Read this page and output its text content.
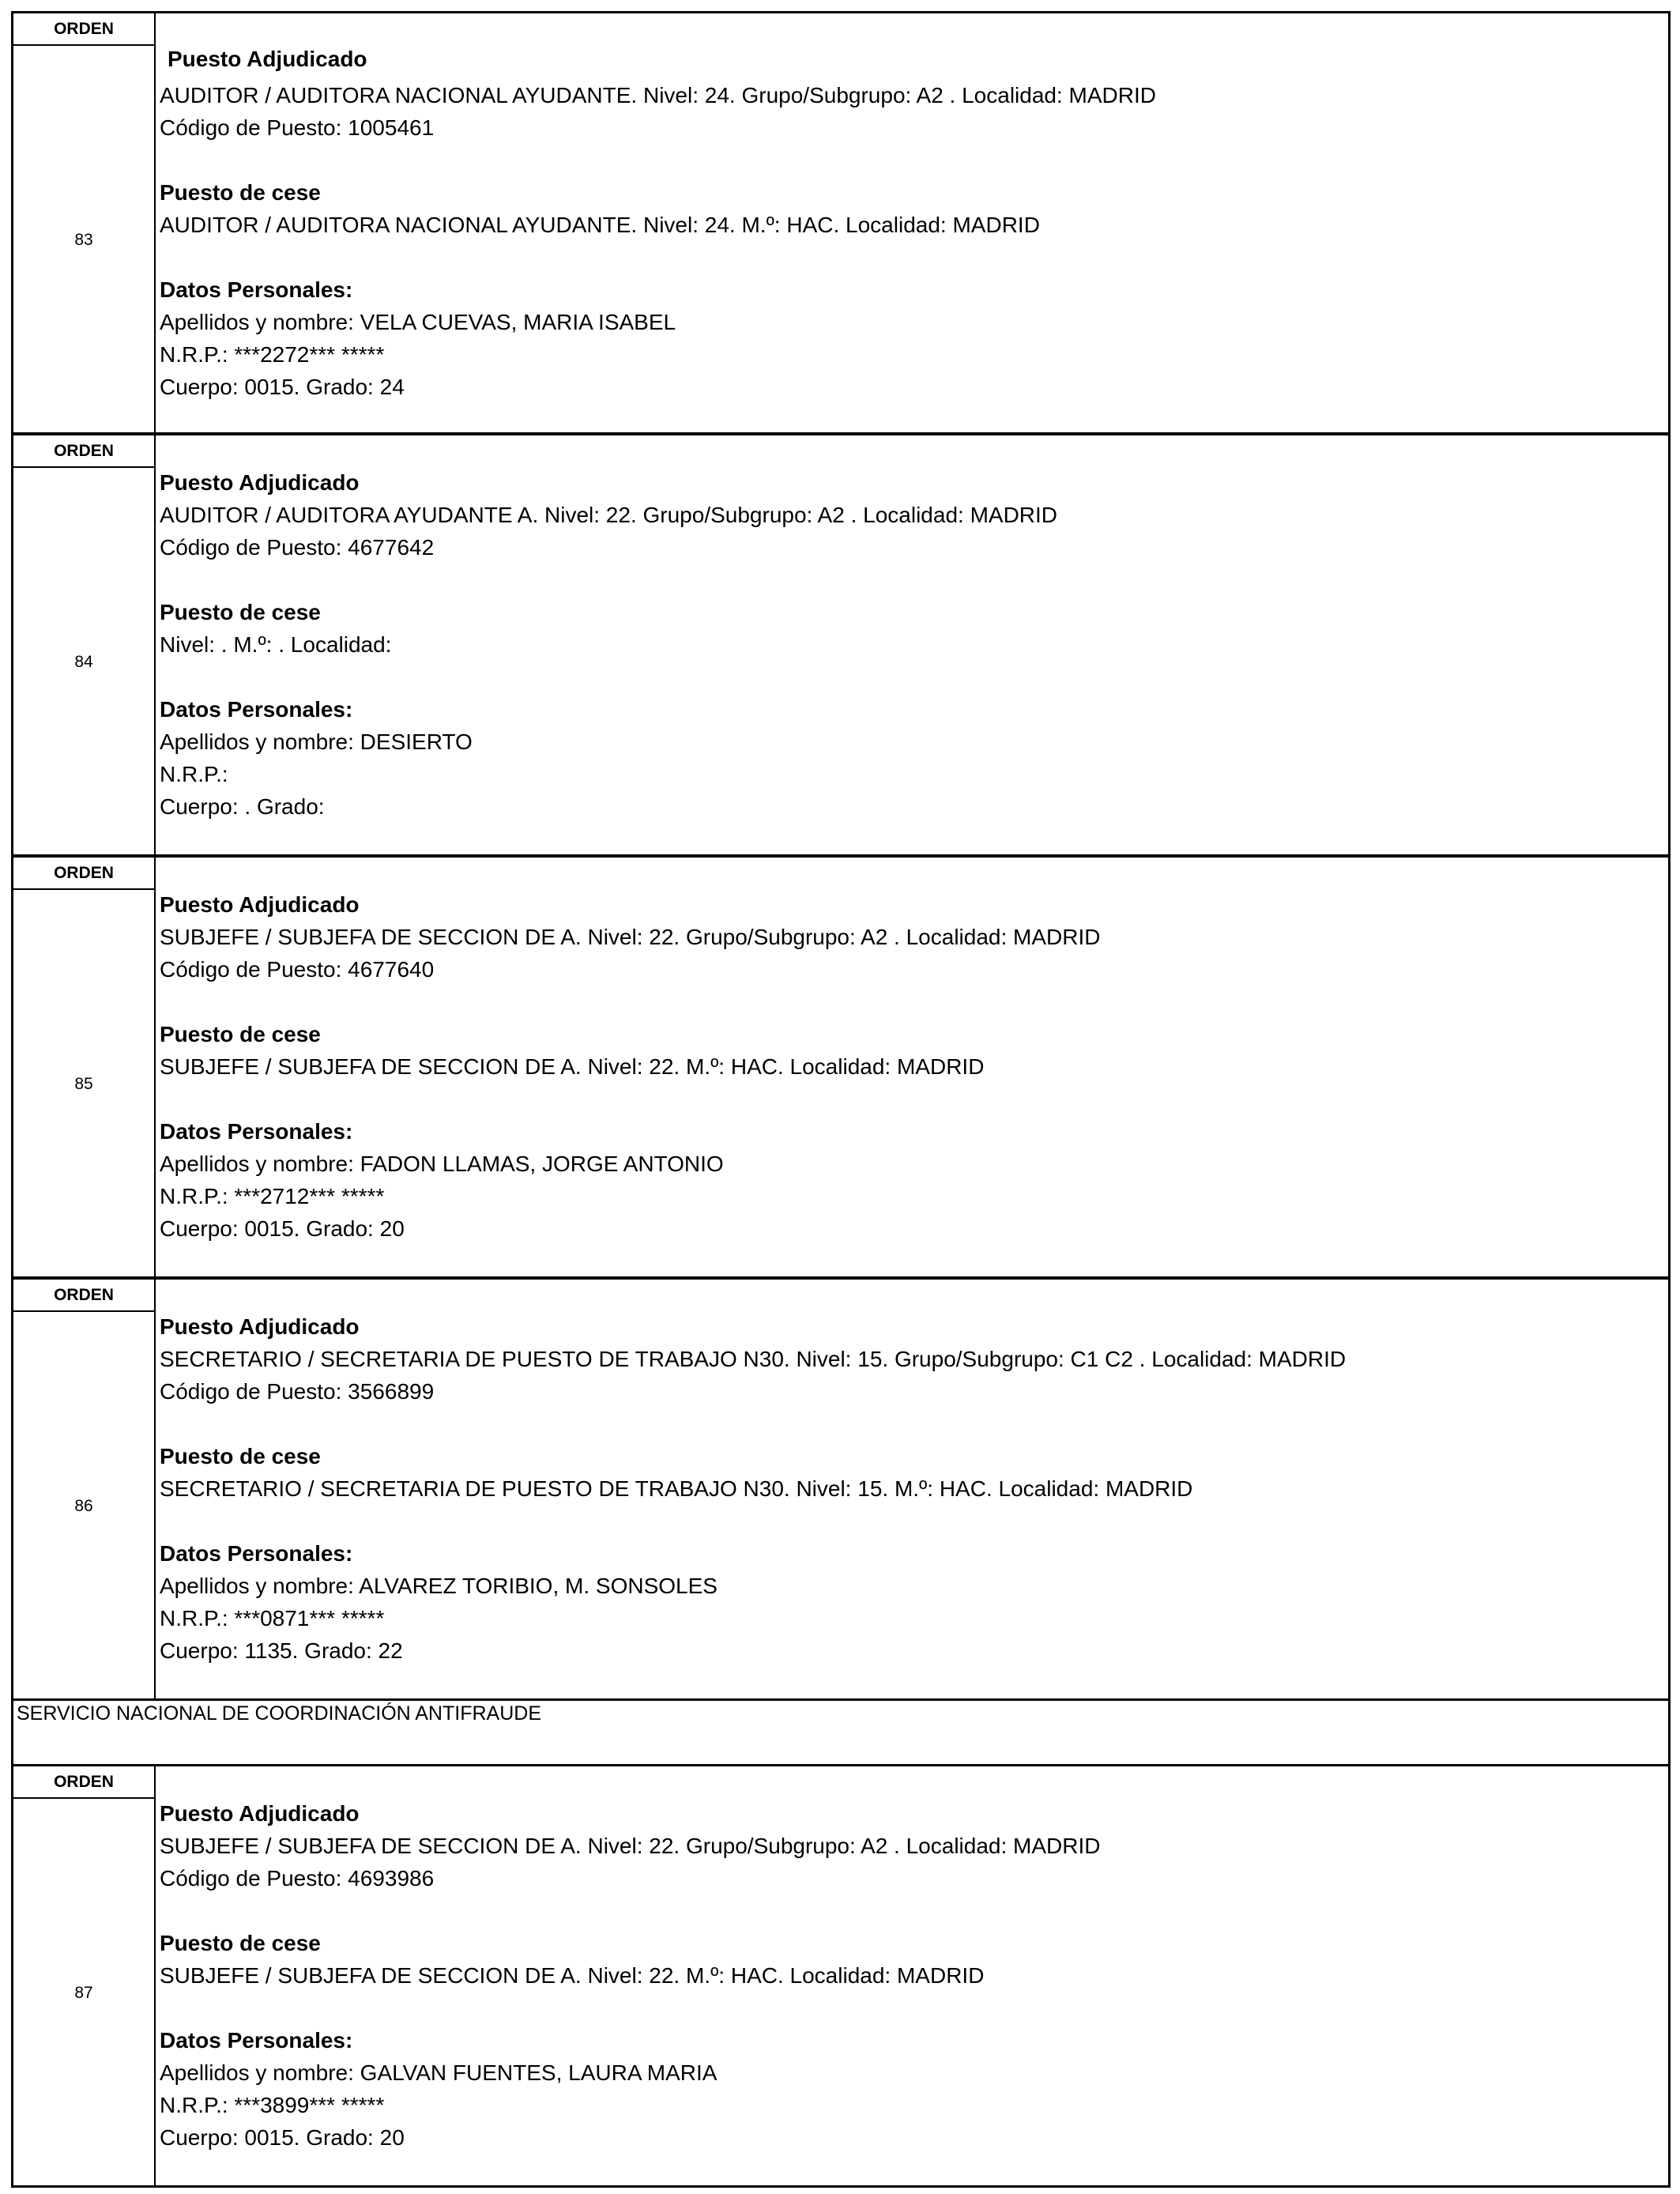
ORDEN
83
Puesto Adjudicado
AUDITOR / AUDITORA NACIONAL AYUDANTE. Nivel: 24. Grupo/Subgrupo: A2 . Localidad: MADRID
Código de Puesto: 1005461
Puesto de cese
AUDITOR / AUDITORA NACIONAL AYUDANTE. Nivel: 24. M.º: HAC. Localidad: MADRID
Datos Personales:
Apellidos y nombre: VELA CUEVAS, MARIA ISABEL
N.R.P.: ***2272*** *****
Cuerpo: 0015. Grado: 24
ORDEN
84
Puesto Adjudicado
AUDITOR / AUDITORA AYUDANTE A. Nivel: 22. Grupo/Subgrupo: A2 . Localidad: MADRID
Código de Puesto: 4677642
Puesto de cese
Nivel: . M.º: . Localidad:
Datos Personales:
Apellidos y nombre: DESIERTO
N.R.P.:
Cuerpo: . Grado:
ORDEN
85
Puesto Adjudicado
SUBJEFE / SUBJEFA DE SECCION DE A. Nivel: 22. Grupo/Subgrupo: A2 . Localidad: MADRID
Código de Puesto: 4677640
Puesto de cese
SUBJEFE / SUBJEFA DE SECCION DE A. Nivel: 22. M.º: HAC. Localidad: MADRID
Datos Personales:
Apellidos y nombre: FADON LLAMAS, JORGE ANTONIO
N.R.P.: ***2712*** *****
Cuerpo: 0015. Grado: 20
ORDEN
86
Puesto Adjudicado
SECRETARIO / SECRETARIA DE PUESTO DE TRABAJO N30. Nivel: 15. Grupo/Subgrupo: C1 C2 . Localidad: MADRID
Código de Puesto: 3566899
Puesto de cese
SECRETARIO / SECRETARIA DE PUESTO DE TRABAJO N30. Nivel: 15. M.º: HAC. Localidad: MADRID
Datos Personales:
Apellidos y nombre: ALVAREZ TORIBIO, M. SONSOLES
N.R.P.: ***0871*** *****
Cuerpo: 1135. Grado: 22
SERVICIO NACIONAL DE COORDINACIÓN ANTIFRAUDE
ORDEN
87
Puesto Adjudicado
SUBJEFE / SUBJEFA DE SECCION DE A. Nivel: 22. Grupo/Subgrupo: A2 . Localidad: MADRID
Código de Puesto: 4693986
Puesto de cese
SUBJEFE / SUBJEFA DE SECCION DE A. Nivel: 22. M.º: HAC. Localidad: MADRID
Datos Personales:
Apellidos y nombre: GALVAN FUENTES, LAURA MARIA
N.R.P.: ***3899*** *****
Cuerpo: 0015. Grado: 20
